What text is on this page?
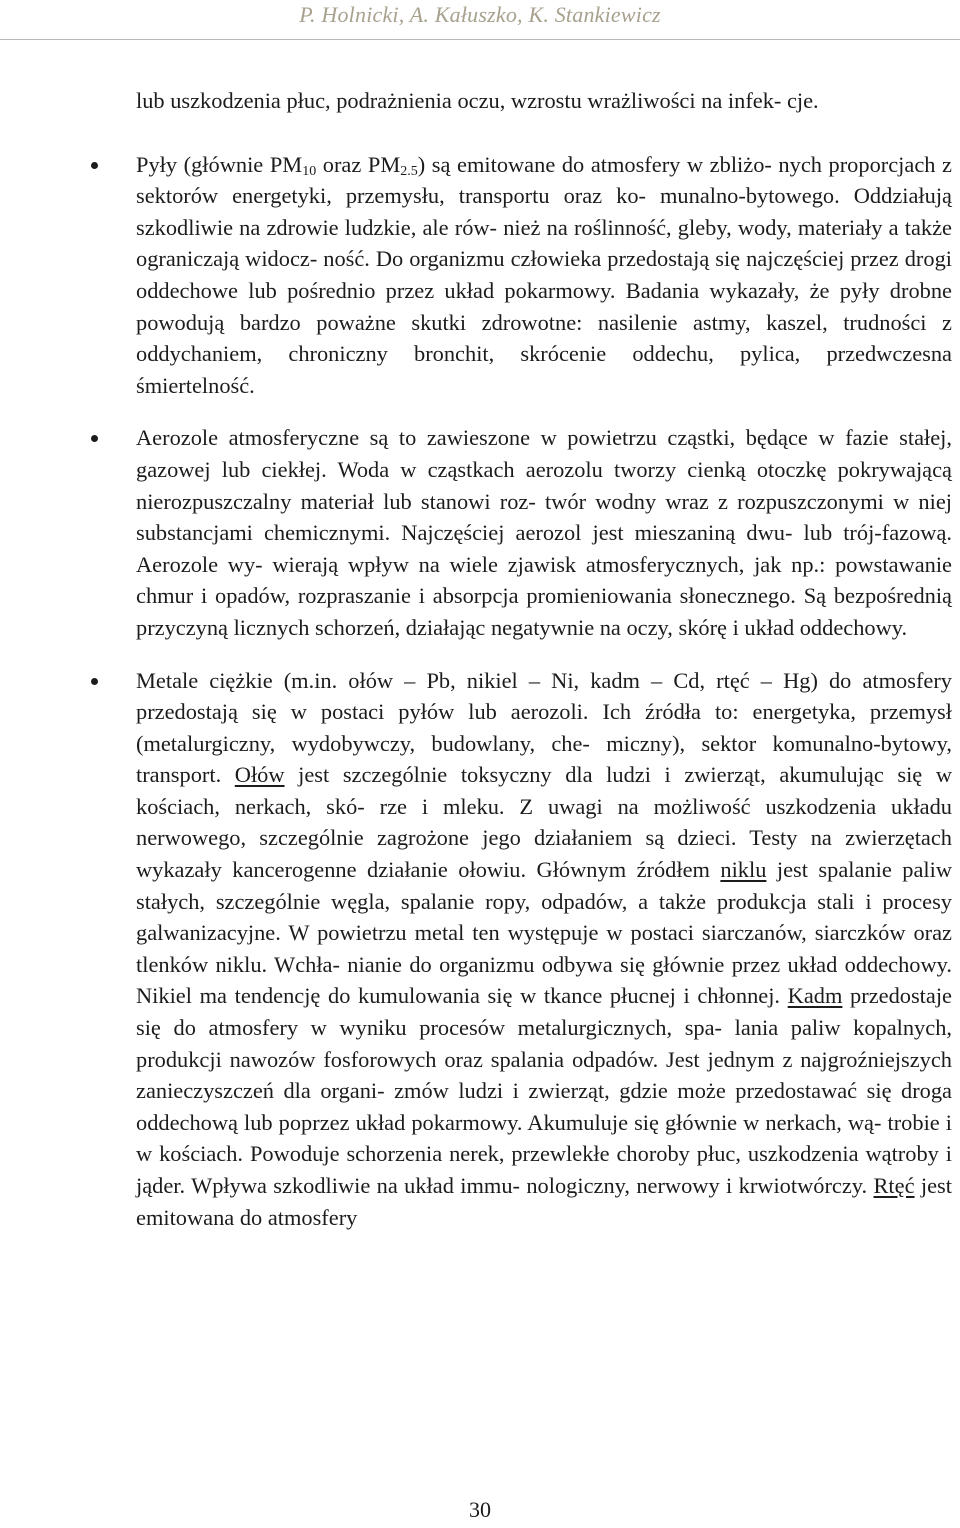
P. Holnicki, A. Kałuszko, K. Stankiewicz

lub uszkodzenia płuc, podrażnienia oczu, wzrostu wrażliwości na infek- cje.

Pyły (głównie $PM_{10}$ oraz $PM_{2.5}$) są emitowane do atmosfery w zbliżo- nych proporcjach z sektorów energetyki, przemysłu, transportu oraz ko- munalno-bytowego. Oddziałują szkodliwie na zdrowie ludzkie, ale rów- nież na roślinność, gleby, wody, materiały a także ograniczają widocz- ność. Do organizmu człowieka przedostają się najczęściej przez drogi oddechowe lub pośrednio przez układ pokarmowy. Badania wykazały, że pyły drobne powodują bardzo poważne skutki zdrowotne: nasilenie astmy, kaszel, trudności z oddychaniem, chroniczny bronchit, skrócenie oddechu, pylica, przedwczesna śmiertelność.
Aerozole atmosferyczne są to zawieszone w powietrzu cząstki, będące w fazie stałej, gazowej lub ciekłej. Woda w cząstkach aerozolu tworzy cienką otoczkę pokrywającą nierozpuszczalny materiał lub stanowi roz- twór wodny wraz z rozpuszczonymi w niej substancjami chemicznymi. Najczęściej aerozol jest mieszaniną dwu- lub trój-fazową. Aerozole wy- wierają wpływ na wiele zjawisk atmosferycznych, jak np.: powstawanie chmur i opadów, rozpraszanie i absorpcja promieniowania słonecznego. Są bezpośrednią przyczyną licznych schorzeń, działając negatywnie na oczy, skórę i układ oddechowy.
Metale ciężkie (m.in. ołów – Pb, nikiel – Ni, kadm – Cd, rtęć – Hg) do atmosfery przedostają się w postaci pyłów lub aerozoli. Ich źródła to: energetyka, przemysł (metalurgiczny, wydobywczy, budowlany, che- miczny), sektor komunalno-bytowy, transport. Ołów jest szczególnie toksyczny dla ludzi i zwierząt, akumulując się w kościach, nerkach, skó- rze i mleku. Z uwagi na możliwość uszkodzenia układu nerwowego, szczególnie zagrożone jego działaniem są dzieci. Testy na zwierzętach wykazały kancerogenne działanie ołowiu. Głównym źródłem niklu jest spalanie paliw stałych, szczególnie węgla, spalanie ropy, odpadów, a także produkcja stali i procesy galwanizacyjne. W powietrzu metal ten występuje w postaci siarczanów, siarczków oraz tlenków niklu. Wchła- nianie do organizmu odbywa się głównie przez układ oddechowy. Nikiel ma tendencję do kumulowania się w tkance płucnej i chłonnej. Kadm przedostaje się do atmosfery w wyniku procesów metalurgicznych, spa- lania paliw kopalnych, produkcji nawozów fosforowych oraz spalania odpadów. Jest jednym z najgroźniejszych zanieczyszczeń dla organi- zmów ludzi i zwierząt, gdzie może przedostawać się droga oddechową lub poprzez układ pokarmowy. Akumuluje się głównie w nerkach, wą- trobie i w kościach. Powoduje schorzenia nerek, przewlekłe choroby płuc, uszkodzenia wątroby i jąder. Wpływa szkodliwie na układ immu- nologiczny, nerwowy i krwiotwórczy. Rtęć jest emitowana do atmosfery
30
